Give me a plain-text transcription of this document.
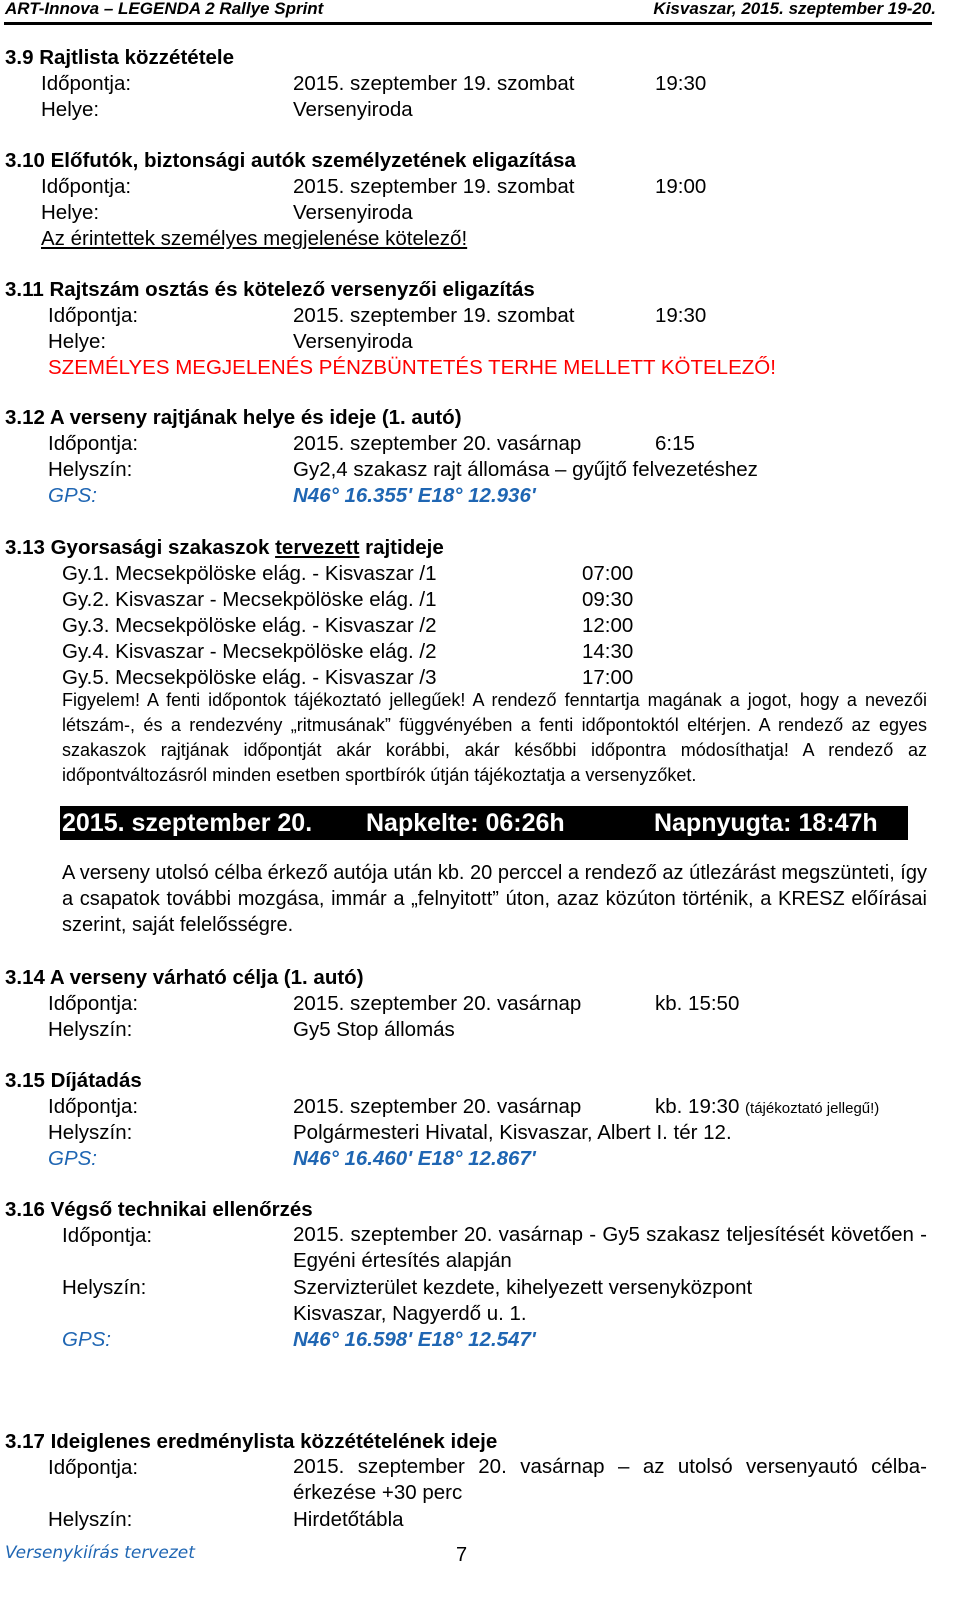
ART-Innova – LEGENDA 2 Rallye Sprint	Kisvaszar, 2015. szeptember 19-20.
3.9 Rajtlista közzététele
Időpontja:	2015. szeptember 19. szombat	19:30
Helye:	Versenyiroda
3.10 Előfutók, biztonsági autók személyzetének eligazítása
Időpontja:	2015. szeptember 19. szombat	19:00
Helye:	Versenyiroda
Az érintettek személyes megjelenése kötelező!
3.11 Rajtszám osztás és kötelező versenyzői eligazítás
Időpontja:	2015. szeptember 19. szombat	19:30
Helye:	Versenyiroda
SZEMÉLYES MEGJELENÉS PÉNZBÜNTETÉS TERHE MELLETT KÖTELEZŐ!
3.12 A verseny rajtjának helye és ideje (1. autó)
Időpontja:	2015. szeptember 20. vasárnap	6:15
Helyszín:	Gy2,4 szakasz rajt állomása – gyűjtő felvezetéshez
GPS:	N46° 16.355' E18° 12.936'
3.13 Gyorsasági szakaszok tervezett rajtideje
Gy.1. Mecsekpölöske elág. - Kisvaszar /1	07:00
Gy.2. Kisvaszar - Mecsekpölöske elág. /1	09:30
Gy.3. Mecsekpölöske elág. - Kisvaszar /2	12:00
Gy.4. Kisvaszar - Mecsekpölöske elág. /2	14:30
Gy.5. Mecsekpölöske elág. - Kisvaszar /3	17:00
Figyelem! A fenti időpontok tájékoztató jellegűek! A rendező fenntartja magának a jogot, hogy a nevezői létszám-, és a rendezvény „ritmusának” függvényében a fenti időpontoktól eltérjen. A rendező az egyes szakaszok rajtjának időpontját akár korábbi, akár későbbi időpontra módosíthatja! A rendező az időpontváltozásról minden esetben sportbírók útján tájékoztatja a versenyzőket.
2015. szeptember 20. Napkelte: 06:26h	Napnyugta: 18:47h
A verseny utolsó célba érkező autója után kb. 20 perccel a rendező az útlezárást megszünteti, így a csapatok további mozgása, immár a „felnyitott” úton, azaz közúton történik, a KRESZ előírásai szerint, saját felelősségre.
3.14 A verseny várható célja (1. autó)
Időpontja:	2015. szeptember 20. vasárnap	kb. 15:50
Helyszín:	Gy5 Stop állomás
3.15 Díjátadás
Időpontja:	2015. szeptember 20. vasárnap	kb. 19:30 (tájékoztató jellegű!)
Helyszín:	Polgármesteri Hivatal, Kisvaszar, Albert I. tér 12.
GPS:	N46° 16.460' E18° 12.867'
3.16 Végső technikai ellenőrzés
Időpontja:	2015. szeptember 20. vasárnap - Gy5 szakasz teljesítését követően - Egyéni értesítés alapján
Helyszín:	Szervizterület kezdete, kihelyezett versenyközpont
Kisvaszar, Nagyerdő u. 1.
GPS:	N46° 16.598' E18° 12.547'
3.17 Ideiglenes eredménylista közzétételének ideje
Időpontja:	2015. szeptember 20. vasárnap – az utolsó versenyautó célba-érkezése +30 perc
Helyszín:	Hirdetőtábla
Versenykiírás tervezet	7
